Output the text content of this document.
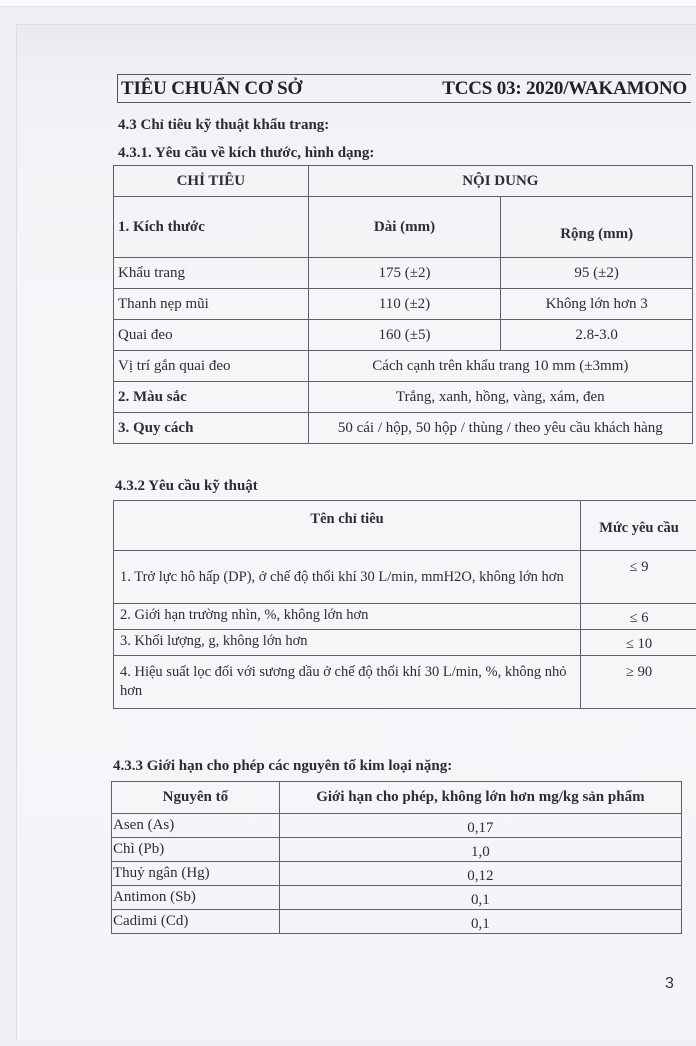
TIÊU CHUẨN CƠ SỞ	TCCS 03: 2020/WAKAMONO
4.3 Chỉ tiêu kỹ thuật khẩu trang:
4.3.1. Yêu cầu về kích thước, hình dạng:
CHỈ TIÊU	NỘI DUNG	
1. Kích thước	Dài (mm)	Rộng (mm)
Khẩu trang	175 (±2)	95 (±2)
Thanh nẹp mũi	110 (±2)	Không lớn hơn 3
Quai đeo	160 (±5)	2.8-3.0
Vị trí gắn quai đeo	Cách cạnh trên khẩu trang 10 mm (±3mm)	
2. Màu sắc	Trắng, xanh, hồng, vàng, xám, đen	
3. Quy cách	50 cái / hộp, 50 hộp / thùng / theo yêu cầu khách hàng	
4.3.2 Yêu cầu kỹ thuật
Tên chỉ tiêu	Mức yêu cầu
1. Trở lực hô hấp (DP), ở chế độ thổi khí 30 L/min, mmH2O, không lớn hơn	≤ 9
2. Giới hạn trường nhìn, %, không lớn hơn	≤ 6
3. Khối lượng, g, không lớn hơn	≤ 10
4. Hiệu suất lọc đối với sương dầu ở chế độ thổi khí 30 L/min, %, không nhỏ hơn	≥ 90
4.3.3 Giới hạn cho phép các nguyên tố kim loại nặng:
Nguyên tố	Giới hạn cho phép, không lớn hơn mg/kg sản phẩm
Asen (As)	0,17
Chì (Pb)	1,0
Thuỷ ngân (Hg)	0,12
Antimon (Sb)	0,1
Cadimi (Cd)	0,1
3
